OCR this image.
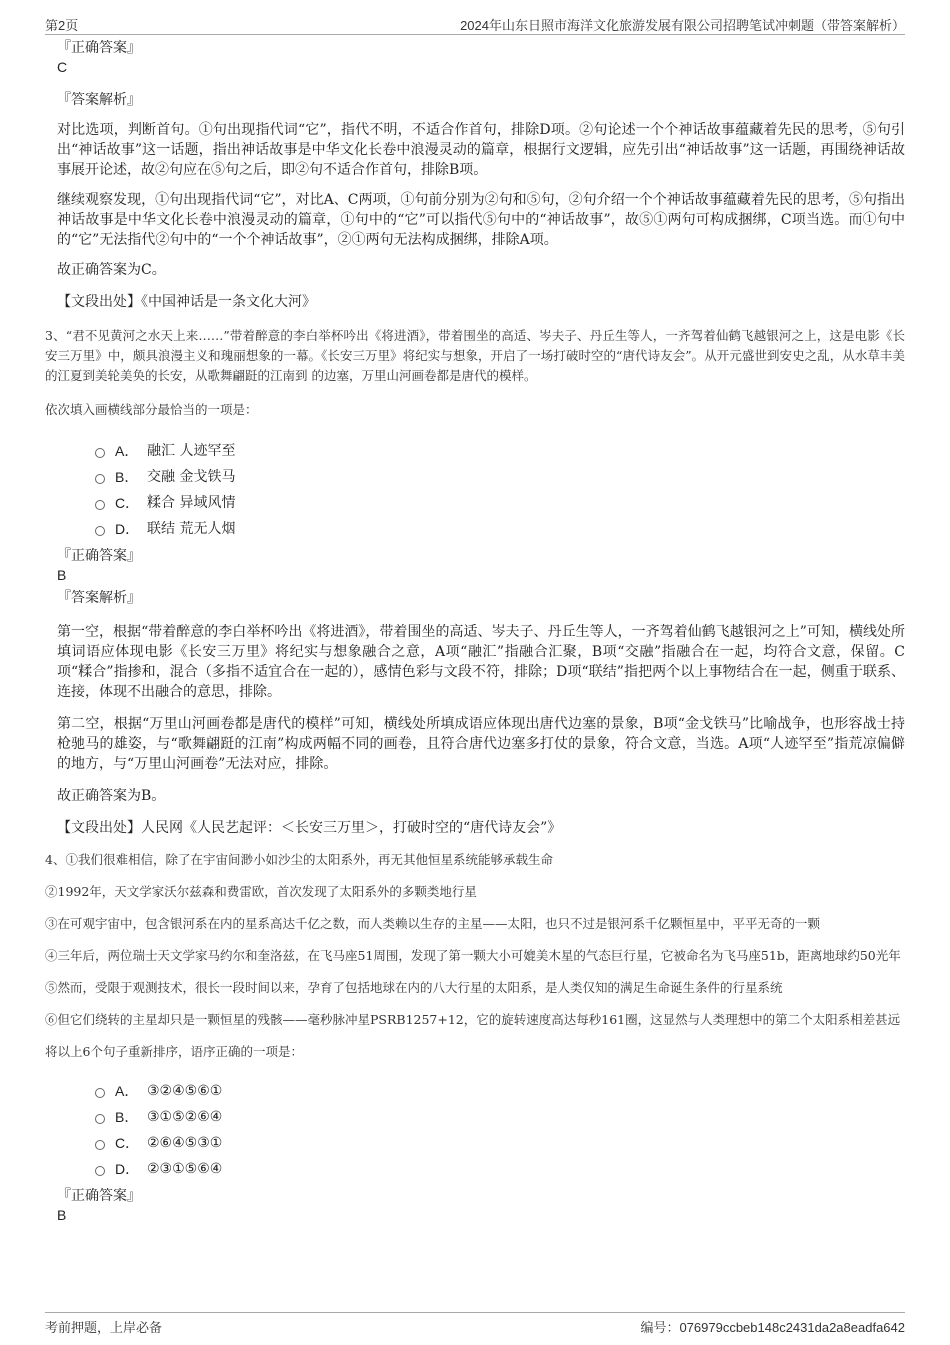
第2页	2024年山东日照市海洋文化旅游发展有限公司招聘笔试冲刺题（带答案解析）
『正确答案』
C
『答案解析』

对比选项，判断首句。①句出现指代词“它”，指代不明，不适合作首句，排除D项。②句论述一个个神话故事蕴藏着先民的思考，⑤句引出“神话故事”这一话题，指出神话故事是中华文化长卷中浪漫灵动的篇章，根据行文逻辑，应先引出“神话故事”这一话题，再围绕神话故事展开论述，故②句应在⑤句之后，即②句不适合作首句，排除B项。

继续观察发现，①句出现指代词“它”，对比A、C两项，①句前分别为②句和⑤句，②句介绍一个个神话故事蕴藏着先民的思考，⑤句指出神话故事是中华文化长卷中浪漫灵动的篇章，①句中的“它”可以指代⑤句中的“神话故事”，故⑤①两句可构成捆绑，C项当选。而①句中的“它”无法指代②句中的“一个个神话故事”，②①两句无法构成捆绑，排除A项。

故正确答案为C。

【文段出处】《中国神话是一条文化大河》

3、“君不见黄河之水天上来……”带着醉意的李白举杯吟出《将进酒》，带着围坐的高适、岑夫子、丹丘生等人，一齐驾着仙鹤飞越银河之上，这是电影《长安三万里》中，颇具浪漫主义和瑰丽想象的一幕。《长安三万里》将纪实与想象，开启了一场打破时空的“唐代诗友会”。从开元盛世到安史之乱，从水草丰美的江夏到美轮美奂的长安，从歌舞翩跹的江南到 的边塞，万里山河画卷都是唐代的模样。

依次填入画横线部分最恰当的一项是：

A． 融汇 人迹罕至
B． 交融 金戈铁马
C． 糅合 异域风情
D． 联结 荒无人烟
『正确答案』
B
『答案解析』

第一空，根据“带着醉意的李白举杯吟出《将进酒》，带着围坐的高适、岑夫子、丹丘生等人，一齐驾着仙鹤飞越银河之上”可知，横线处所填词语应体现电影《长安三万里》将纪实与想象融合之意，A项“融汇”指融合汇聚，B项“交融”指融合在一起，均符合文意，保留。C项“糅合”指掺和，混合（多指不适宜合在一起的），感情色彩与文段不符，排除；D项“联结”指把两个以上事物结合在一起，侧重于联系、连接，体现不出融合的意思，排除。

第二空，根据“万里山河画卷都是唐代的模样”可知，横线处所填成语应体现出唐代边塞的景象，B项“金戈铁马”比喻战争，也形容战士持枪驰马的雄姿，与“歌舞翩跹的江南”构成两幅不同的画卷，且符合唐代边塞多打仗的景象，符合文意，当选。A项“人迹罕至”指荒凉偏僻的地方，与“万里山河画卷”无法对应，排除。

故正确答案为B。

【文段出处】人民网《人民艺起评：＜长安三万里＞，打破时空的“唐代诗友会”》

4、①我们很难相信，除了在宇宙间渺小如沙尘的太阳系外，再无其他恒星系统能够承载生命

②1992年，天文学家沃尔兹森和费雷欧，首次发现了太阳系外的多颗类地行星

③在可观宇宙中，包含银河系在内的星系高达千亿之数，而人类赖以生存的主星——太阳，也只不过是银河系千亿颗恒星中，平平无奇的一颗

④三年后，两位瑞士天文学家马约尔和奎洛兹，在飞马座51周围，发现了第一颗大小可媲美木星的气态巨行星，它被命名为飞马座51b，距离地球约50光年

⑤然而，受限于观测技术，很长一段时间以来，孕育了包括地球在内的八大行星的太阳系，是人类仅知的满足生命诞生条件的行星系统

⑥但它们绕转的主星却只是一颗恒星的残骸——毫秒脉冲星PSRB1257+12，它的旋转速度高达每秒161圈，这显然与人类理想中的第二个太阳系相差甚远

将以上6个句子重新排序，语序正确的一项是：

A． ③②④⑤⑥①
B． ③①⑤②⑥④
C． ②⑥④⑤③①
D． ②③①⑤⑥④
『正确答案』
B
考前押题，上岸必备	编号：076979ccbeb148c2431da2a8eadfa642
